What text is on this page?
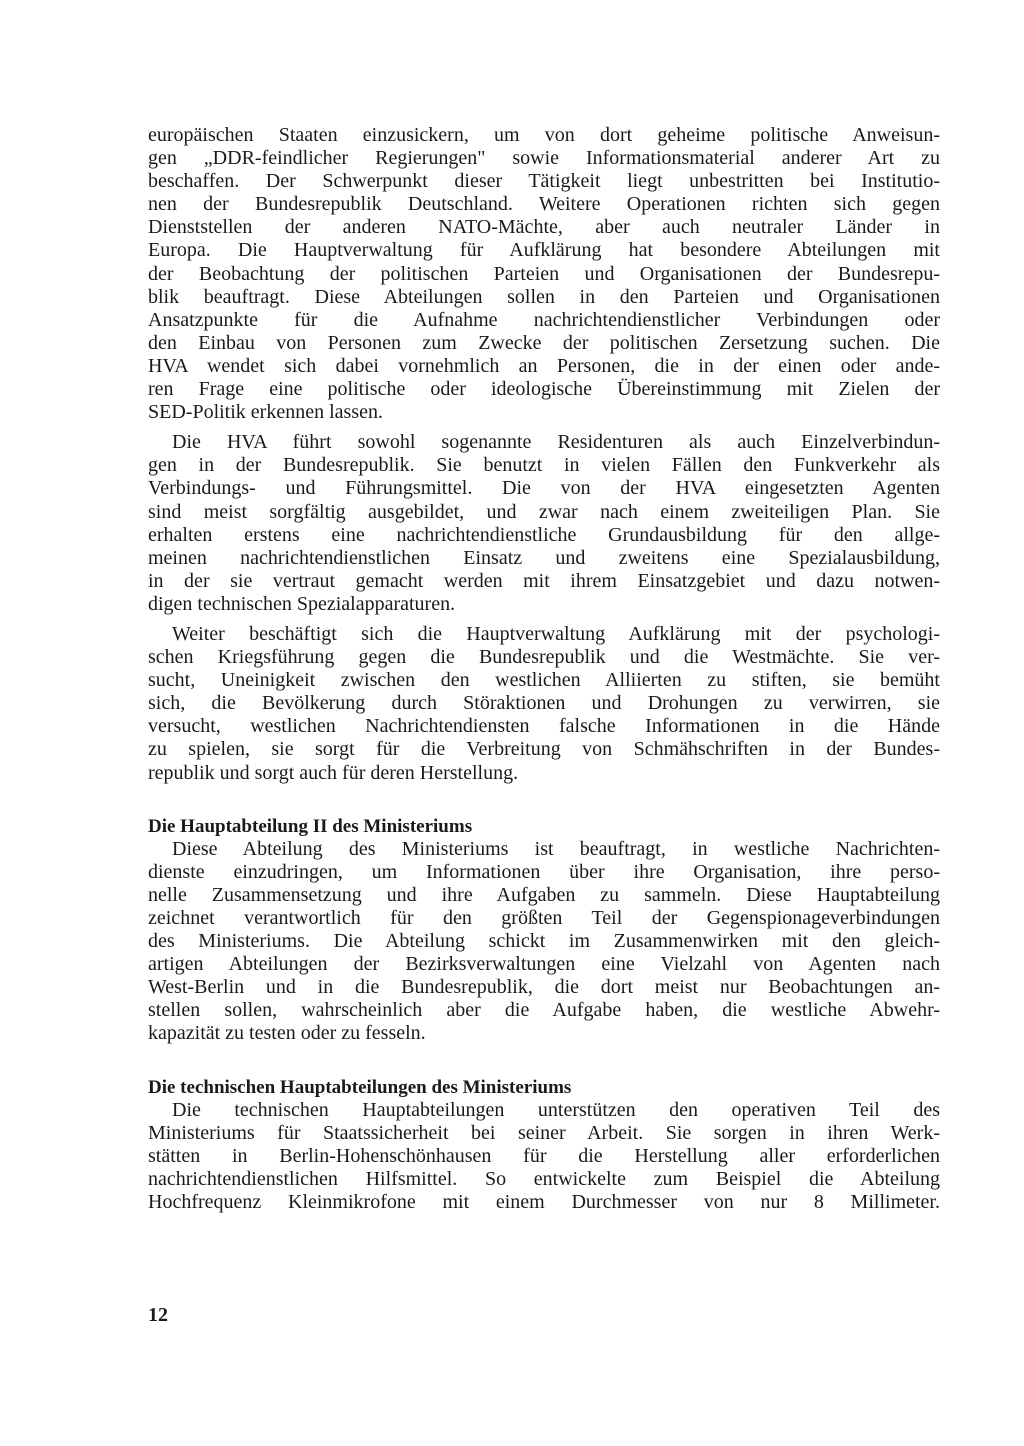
europäischen Staaten einzusickern, um von dort geheime politische Anweisun-
gen „DDR-feindlicher Regierungen" sowie Informationsmaterial anderer Art zu
beschaffen. Der Schwerpunkt dieser Tätigkeit liegt unbestritten bei Institutio-
nen der Bundesrepublik Deutschland. Weitere Operationen richten sich gegen
Dienststellen der anderen NATO-Mächte, aber auch neutraler Länder in
Europa. Die Hauptverwaltung für Aufklärung hat besondere Abteilungen mit
der Beobachtung der politischen Parteien und Organisationen der Bundesrepu-
blik beauftragt. Diese Abteilungen sollen in den Parteien und Organisationen
Ansatzpunkte für die Aufnahme nachrichtendienstlicher Verbindungen oder
den Einbau von Personen zum Zwecke der politischen Zersetzung suchen. Die
HVA wendet sich dabei vornehmlich an Personen, die in der einen oder ande-
ren Frage eine politische oder ideologische Übereinstimmung mit Zielen der
SED-Politik erkennen lassen.
Die HVA führt sowohl sogenannte Residenturen als auch Einzelverbindun-
gen in der Bundesrepublik. Sie benutzt in vielen Fällen den Funkverkehr als
Verbindungs- und Führungsmittel. Die von der HVA eingesetzten Agenten
sind meist sorgfältig ausgebildet, und zwar nach einem zweiteiligen Plan. Sie
erhalten erstens eine nachrichtendienstliche Grundausbildung für den allge-
meinen nachrichtendienstlichen Einsatz und zweitens eine Spezialausbildung,
in der sie vertraut gemacht werden mit ihrem Einsatzgebiet und dazu notwen-
digen technischen Spezialapparaturen.
Weiter beschäftigt sich die Hauptverwaltung Aufklärung mit der psychologi-
schen Kriegsführung gegen die Bundesrepublik und die Westmächte. Sie ver-
sucht, Uneinigkeit zwischen den westlichen Alliierten zu stiften, sie bemüht
sich, die Bevölkerung durch Störaktionen und Drohungen zu verwirren, sie
versucht, westlichen Nachrichtendiensten falsche Informationen in die Hände
zu spielen, sie sorgt für die Verbreitung von Schmähschriften in der Bundes-
republik und sorgt auch für deren Herstellung.
Die Hauptabteilung II des Ministeriums
Diese Abteilung des Ministeriums ist beauftragt, in westliche Nachrichten-
dienste einzudringen, um Informationen über ihre Organisation, ihre perso-
nelle Zusammensetzung und ihre Aufgaben zu sammeln. Diese Hauptabteilung
zeichnet verantwortlich für den größten Teil der Gegenspionageverbindungen
des Ministeriums. Die Abteilung schickt im Zusammenwirken mit den gleich-
artigen Abteilungen der Bezirksverwaltungen eine Vielzahl von Agenten nach
West-Berlin und in die Bundesrepublik, die dort meist nur Beobachtungen an-
stellen sollen, wahrscheinlich aber die Aufgabe haben, die westliche Abwehr-
kapazität zu testen oder zu fesseln.
Die technischen Hauptabteilungen des Ministeriums
Die technischen Hauptabteilungen unterstützen den operativen Teil des
Ministeriums für Staatssicherheit bei seiner Arbeit. Sie sorgen in ihren Werk-
stätten in Berlin-Hohenschönhausen für die Herstellung aller erforderlichen
nachrichtendienstlichen Hilfsmittel. So entwickelte zum Beispiel die Abteilung
Hochfrequenz Kleinmikrofone mit einem Durchmesser von nur 8 Millimeter.
12
